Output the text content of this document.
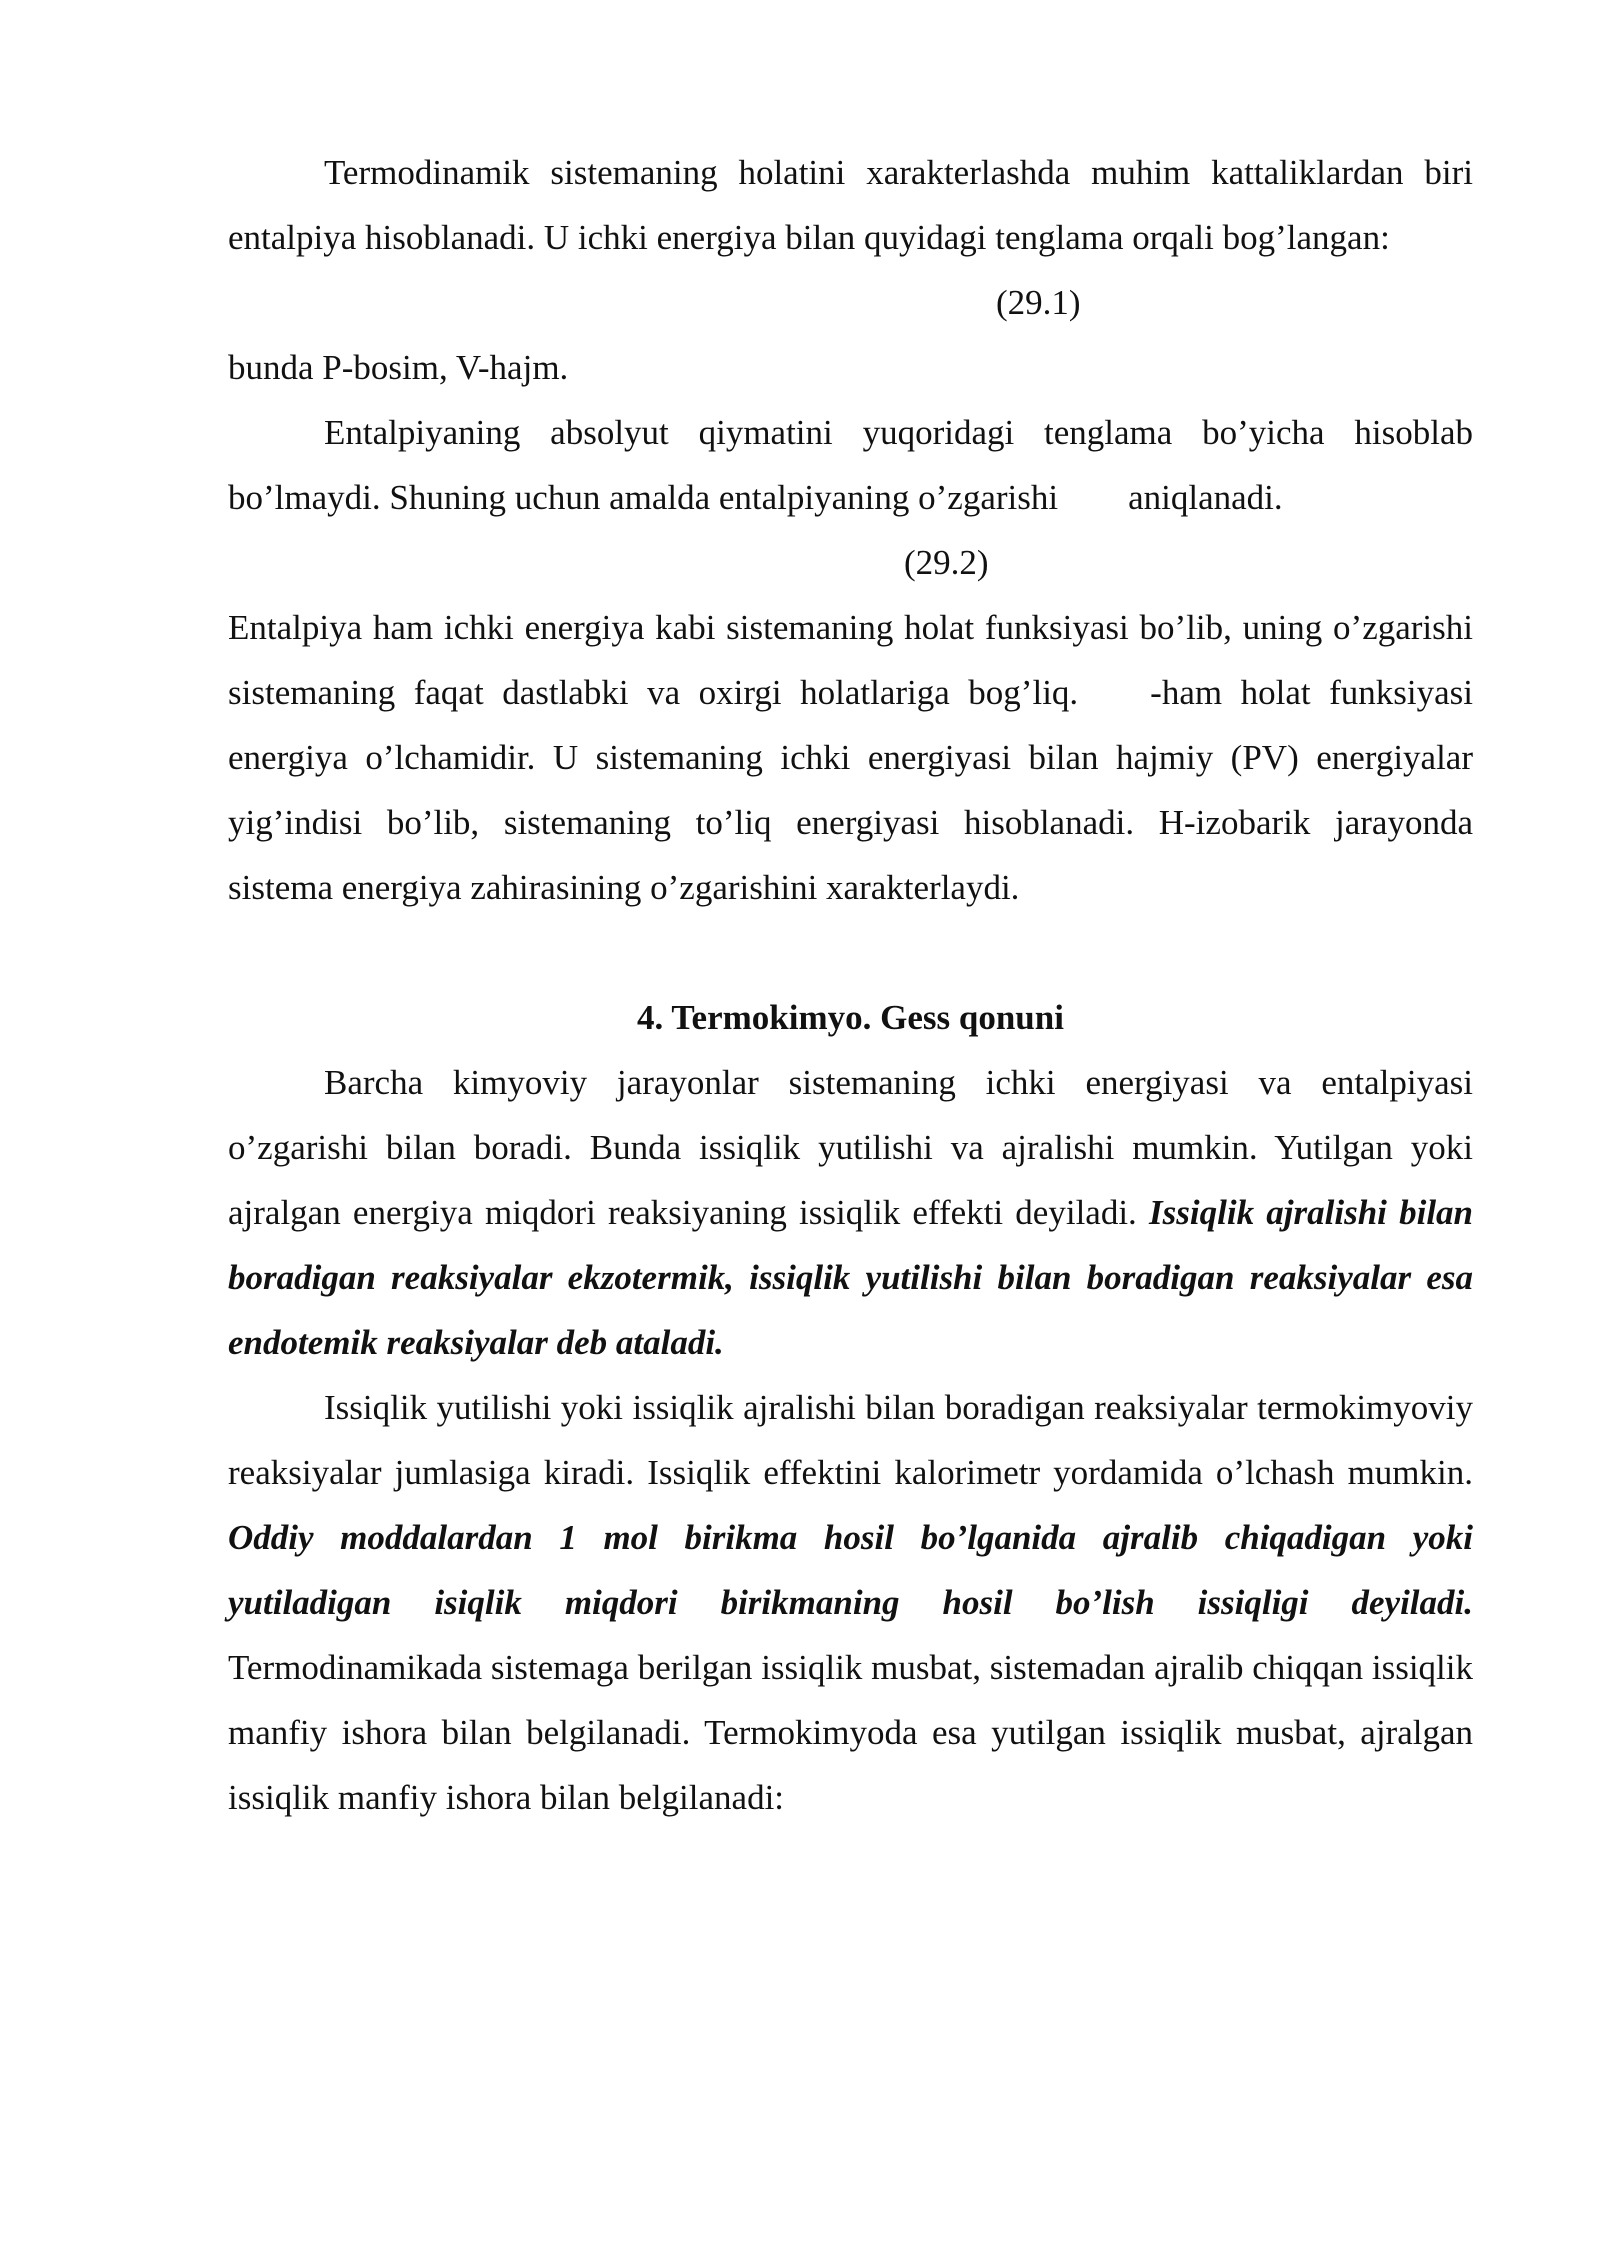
Termodinamik sistemaning holatini xarakterlashda muhim kattaliklardan biri entalpiya hisoblanadi. U ichki energiya bilan quyidagi tenglama orqali bog’langan:

(29.1)

bunda P-bosim, V-hajm.

Entalpiyaning absolyut qiymatini yuqoridagi tenglama bo’yicha hisoblab bo’lmaydi. Shuning uchun amalda entalpiyaning o’zgarishi aniqlanadi.

(29.2)

Entalpiya ham ichki energiya kabi sistemaning holat funksiyasi bo’lib, uning o’zgarishi sistemaning faqat dastlabki va oxirgi holatlariga bog’liq. -ham holat funksiyasi energiya o’lchamidir. U sistemaning ichki energiyasi bilan hajmiy (PV) energiyalar yig’indisi bo’lib, sistemaning to’liq energiyasi hisoblanadi. H-izobarik jarayonda sistema energiya zahirasining o’zgarishini xarakterlaydi.

4. Termokimyo. Gess qonuni

Barcha kimyoviy jarayonlar sistemaning ichki energiyasi va entalpiyasi o’zgarishi bilan boradi. Bunda issiqlik yutilishi va ajralishi mumkin. Yutilgan yoki ajralgan energiya miqdori reaksiyaning issiqlik effekti deyiladi. Issiqlik ajralishi bilan boradigan reaksiyalar ekzotermik, issiqlik yutilishi bilan boradigan reaksiyalar esa endotemik reaksiyalar deb ataladi.

Issiqlik yutilishi yoki issiqlik ajralishi bilan boradigan reaksiyalar termokimyoviy reaksiyalar jumlasiga kiradi. Issiqlik effektini kalorimetr yordamida o’lchash mumkin. Oddiy moddalardan 1 mol birikma hosil bo’lganida ajralib chiqadigan yoki yutiladigan isiqlik miqdori birikmaning hosil bo’lish issiqligi deyiladi. Termodinamikada sistemaga berilgan issiqlik musbat, sistemadan ajralib chiqqan issiqlik manfiy ishora bilan belgilanadi. Termokimyoda esa yutilgan issiqlik musbat, ajralgan issiqlik manfiy ishora bilan belgilanadi:
